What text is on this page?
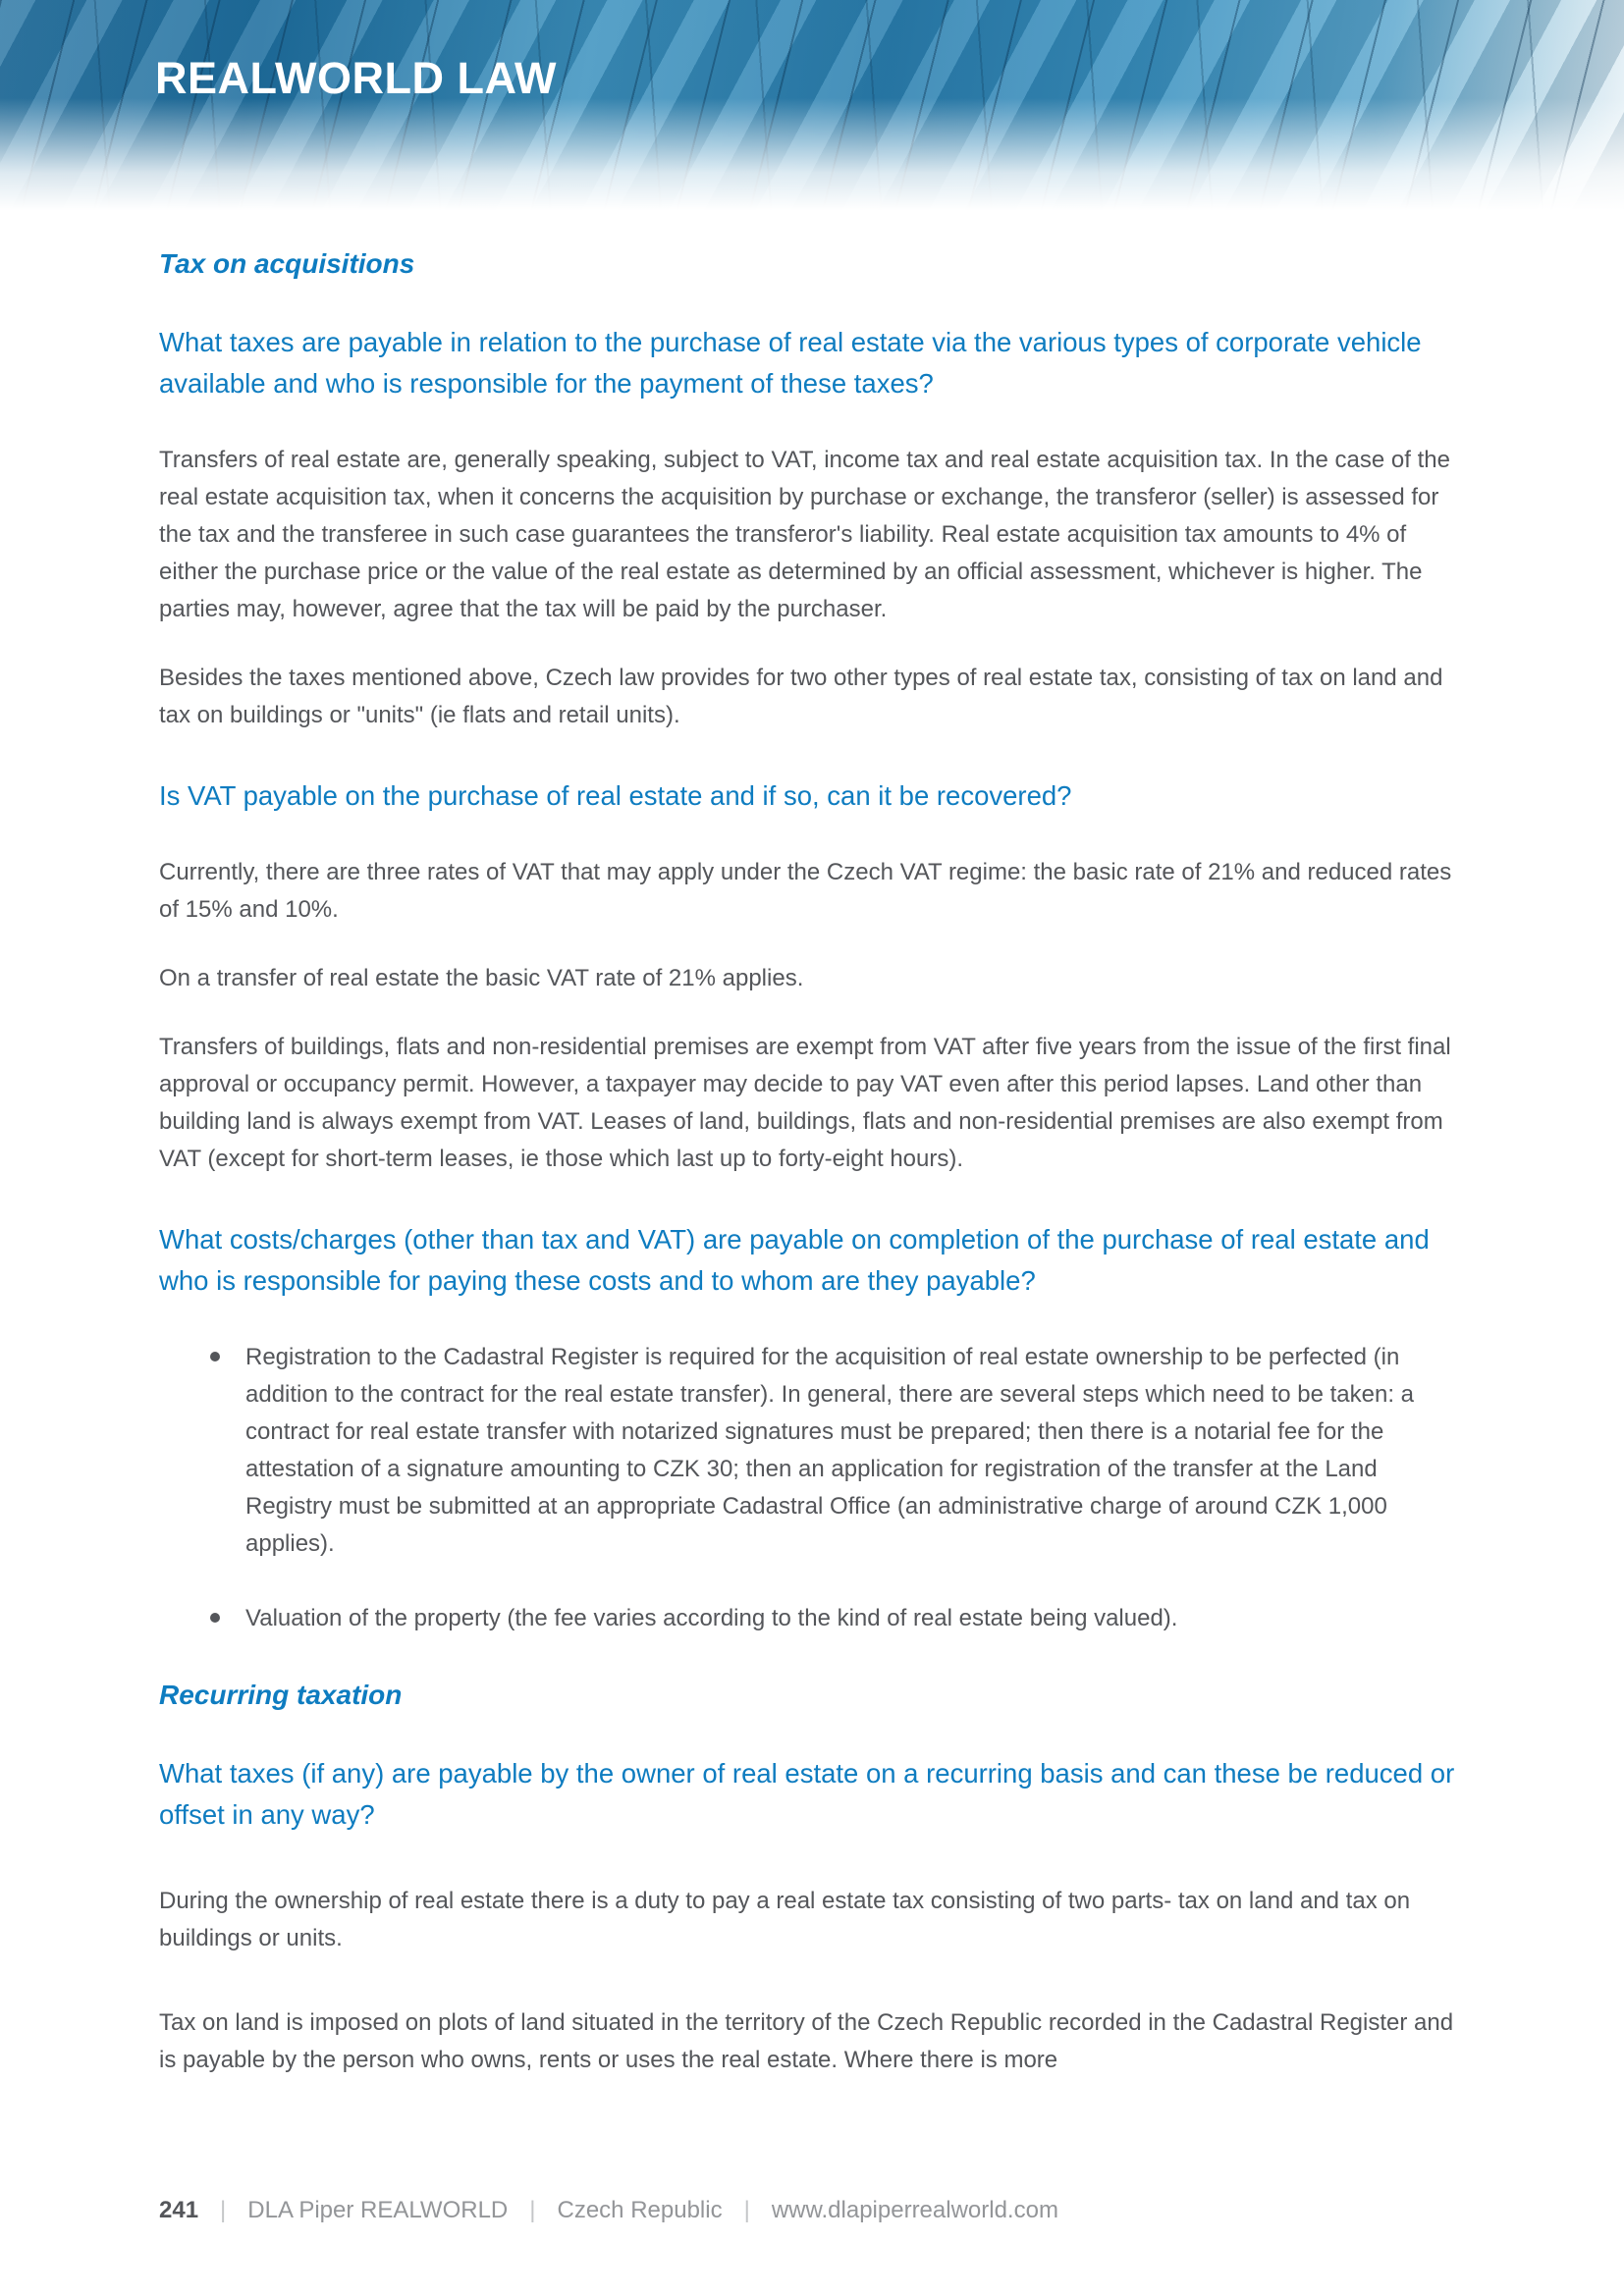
REALWORLD LAW
Tax on acquisitions
What taxes are payable in relation to the purchase of real estate via the various types of corporate vehicle available and who is responsible for the payment of these taxes?
Transfers of real estate are, generally speaking, subject to VAT, income tax and real estate acquisition tax. In the case of the real estate acquisition tax, when it concerns the acquisition by purchase or exchange, the transferor (seller) is assessed for the tax and the transferee in such case guarantees the transferor's liability. Real estate acquisition tax amounts to 4% of either the purchase price or the value of the real estate as determined by an official assessment, whichever is higher. The parties may, however, agree that the tax will be paid by the purchaser.
Besides the taxes mentioned above, Czech law provides for two other types of real estate tax, consisting of tax on land and tax on buildings or "units" (ie flats and retail units).
Is VAT payable on the purchase of real estate and if so, can it be recovered?
Currently, there are three rates of VAT that may apply under the Czech VAT regime: the basic rate of 21% and reduced rates of 15% and 10%.
On a transfer of real estate the basic VAT rate of 21% applies.
Transfers of buildings, flats and non-residential premises are exempt from VAT after five years from the issue of the first final approval or occupancy permit. However, a taxpayer may decide to pay VAT even after this period lapses. Land other than building land is always exempt from VAT. Leases of land, buildings, flats and non-residential premises are also exempt from VAT (except for short-term leases, ie those which last up to forty-eight hours).
What costs/charges (other than tax and VAT) are payable on completion of the purchase of real estate and who is responsible for paying these costs and to whom are they payable?
Registration to the Cadastral Register is required for the acquisition of real estate ownership to be perfected (in addition to the contract for the real estate transfer). In general, there are several steps which need to be taken: a contract for real estate transfer with notarized signatures must be prepared; then there is a notarial fee for the attestation of a signature amounting to CZK 30; then an application for registration of the transfer at the Land Registry must be submitted at an appropriate Cadastral Office (an administrative charge of around CZK 1,000 applies).
Valuation of the property (the fee varies according to the kind of real estate being valued).
Recurring taxation
What taxes (if any) are payable by the owner of real estate on a recurring basis and can these be reduced or offset in any way?
During the ownership of real estate there is a duty to pay a real estate tax consisting of two parts- tax on land and tax on buildings or units.
Tax on land is imposed on plots of land situated in the territory of the Czech Republic recorded in the Cadastral Register and is payable by the person who owns, rents or uses the real estate. Where there is more
241 | DLA Piper REALWORLD | Czech Republic | www.dlapiperrealworld.com
